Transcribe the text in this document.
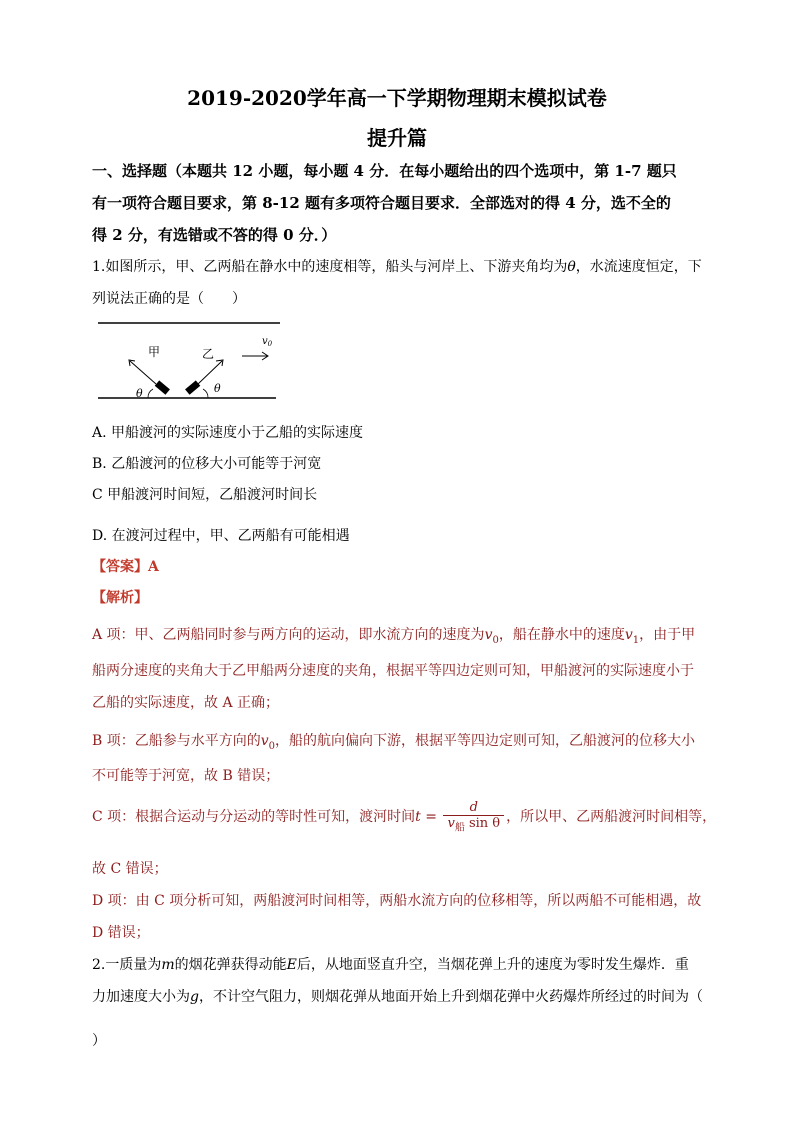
2019-2020学年高一下学期物理期末模拟试卷
提升篇
一、选择题（本题共 12 小题，每小题 4 分．在每小题给出的四个选项中，第 1-7 题只
有一项符合题目要求，第 8-12 题有多项符合题目要求．全部选对的得 4 分，选不全的
得 2 分，有选错或不答的得 0 分．）
1.如图所示，甲、乙两船在静水中的速度相等，船头与河岸上、下游夹角均为θ，水流速度恒定，下
列说法正确的是（　　）
θ
甲
θ
乙
$v_0$
A. 甲船渡河的实际速度小于乙船的实际速度
B. 乙船渡河的位移大小可能等于河宽
C 甲船渡河时间短，乙船渡河时间长
D. 在渡河过程中，甲、乙两船有可能相遇
【答案】A
【解析】
A 项：甲、乙两船同时参与两方向的运动，即水流方向的速度为$v_0$，船在静水中的速度$v_1$，由于甲
船两分速度的夹角大于乙甲船两分速度的夹角，根据平等四边定则可知，甲船渡河的实际速度小于
乙船的实际速度，故 A 正确；
B 项：乙船参与水平方向的$v_0$，船的航向偏向下游，根据平等四边定则可知，乙船渡河的位移大小
不可能等于河宽，故 B 错误；
C 项：根据合运动与分运动的等时性可知，渡河时间$t = \frac{d}{v_船 \sin \theta}$ ，所以甲、乙两船渡河时间相等，
故 C 错误；
D 项：由 C 项分析可知，两船渡河时间相等，两船水流方向的位移相等，所以两船不可能相遇，故
D 错误；
2.一质量为m的烟花弹获得动能E后，从地面竖直升空，当烟花弹上升的速度为零时发生爆炸．重
力加速度大小为g，不计空气阻力，则烟花弹从地面开始上升到烟花弹中火药爆炸所经过的时间为（
）
